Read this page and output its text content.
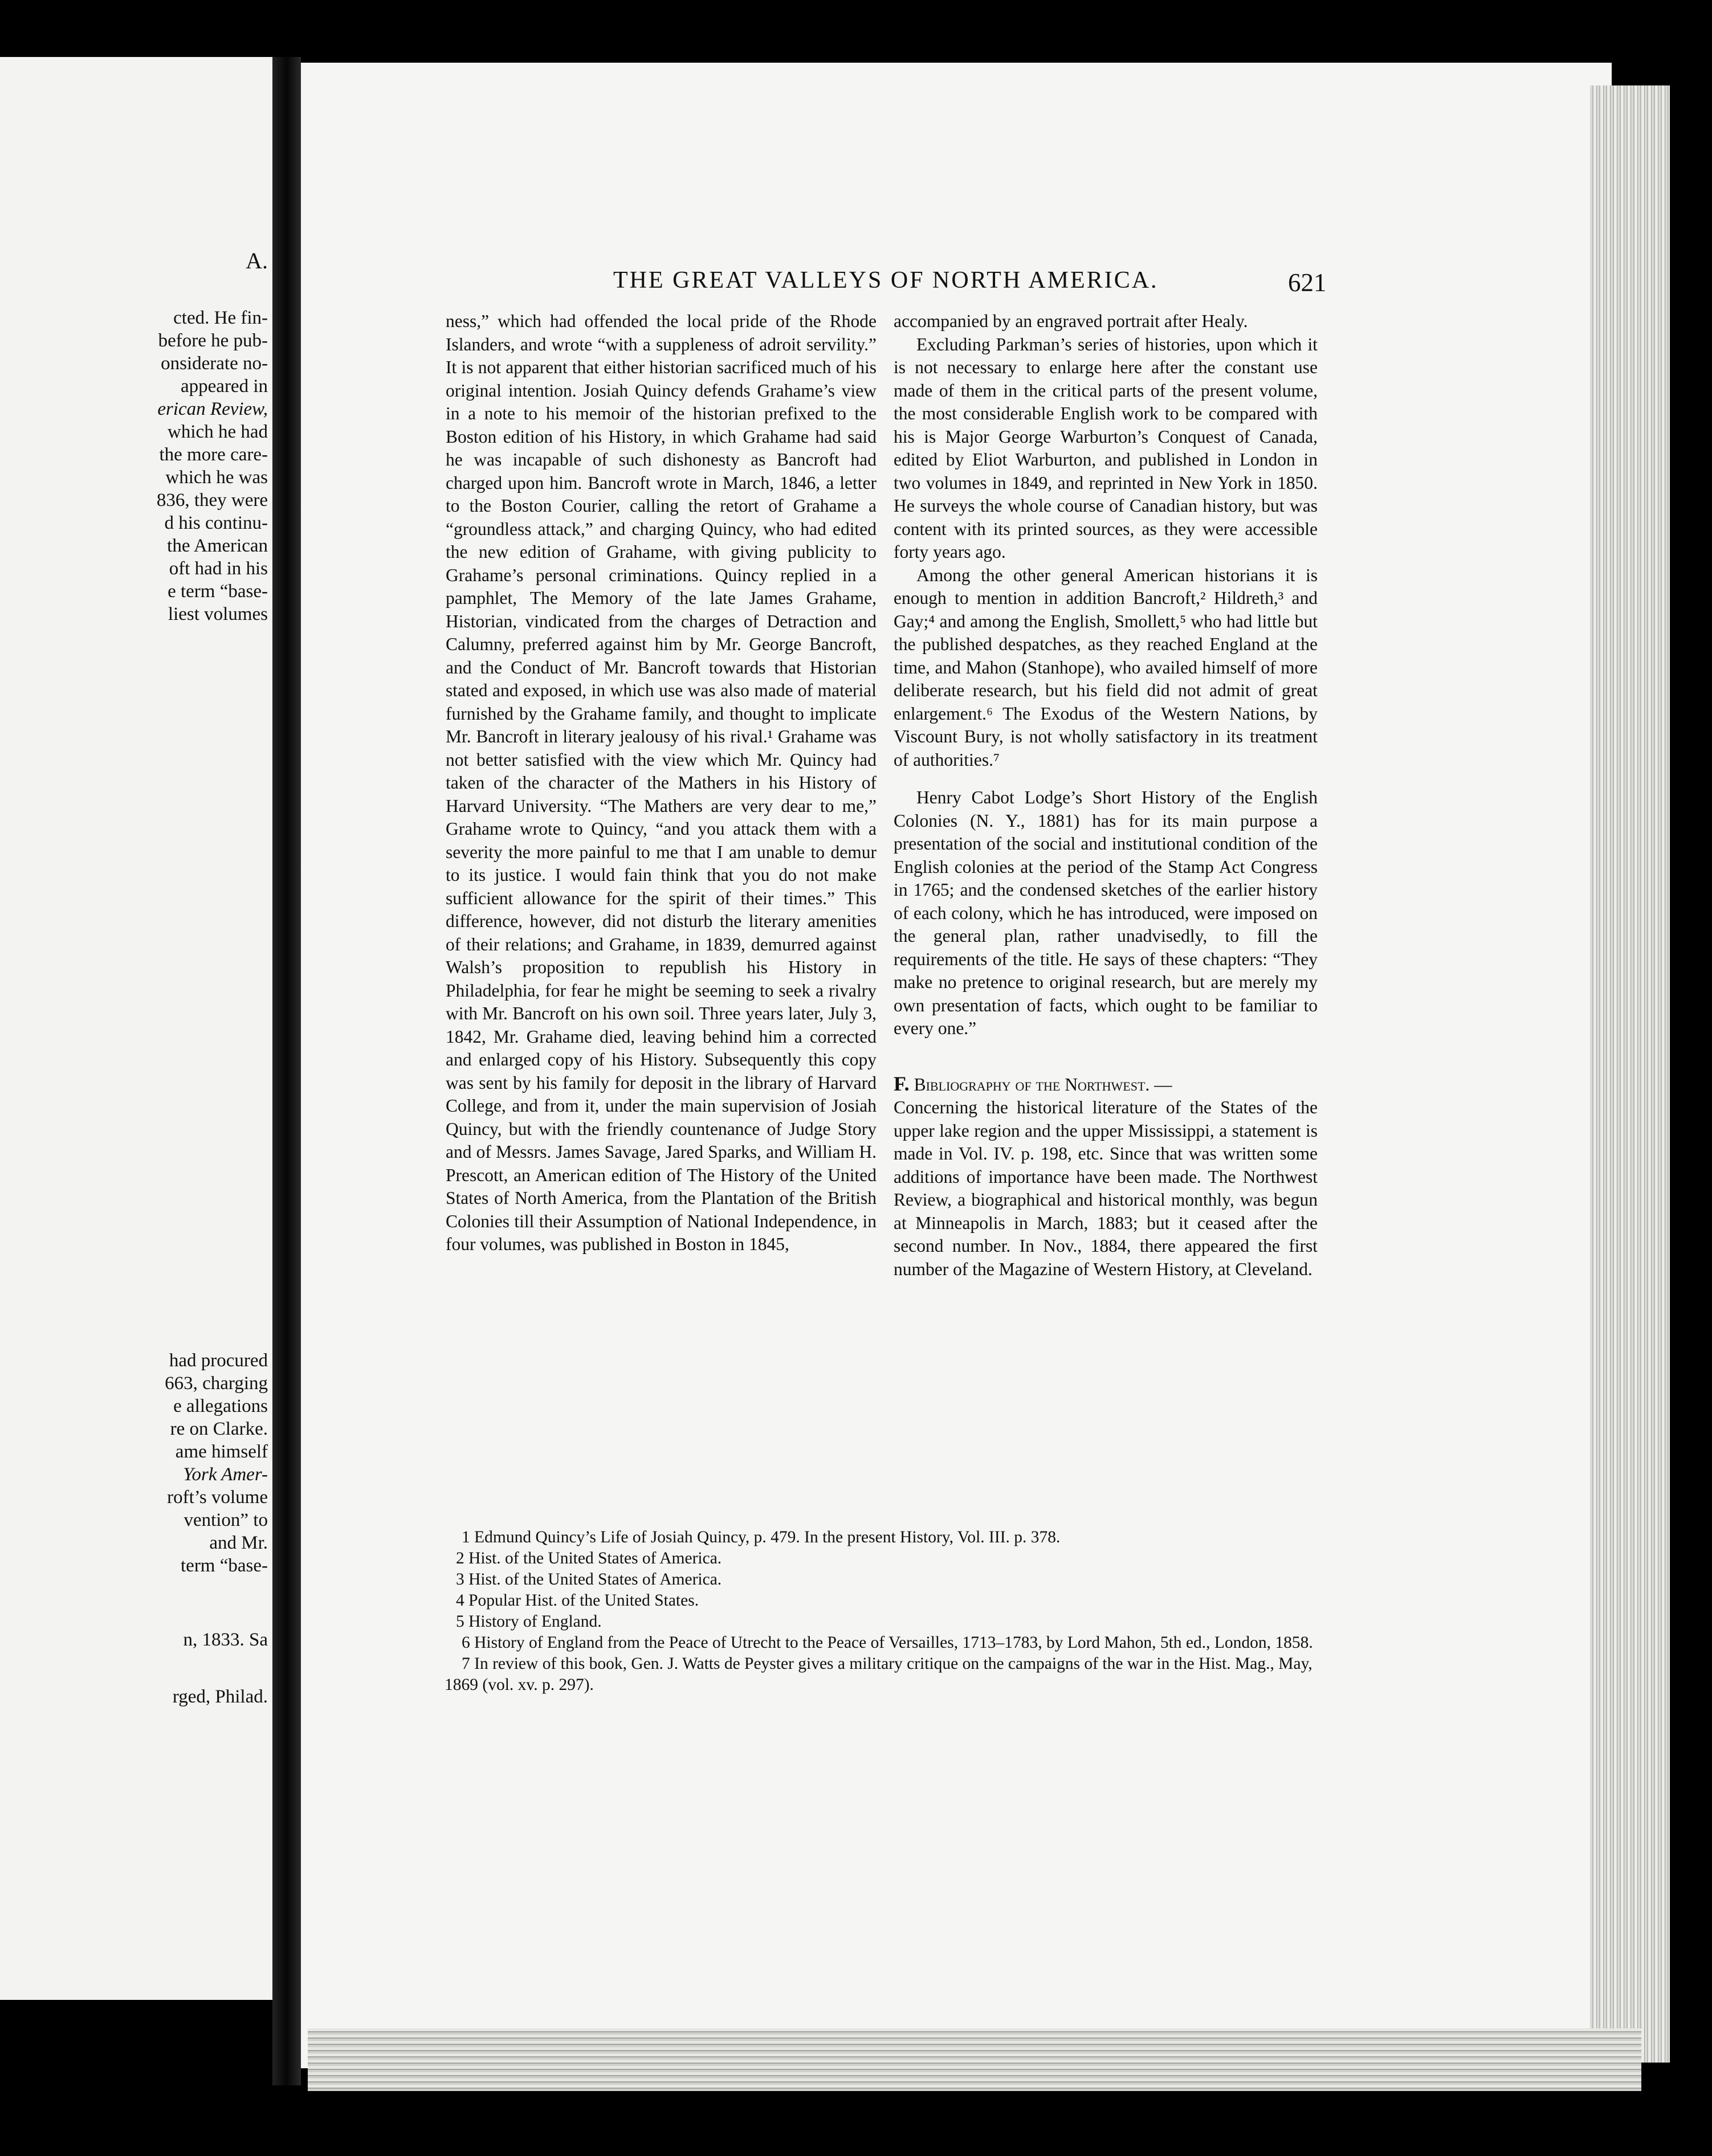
A.

cted. He fin-

before he pub-

onsiderate no-

appeared in

erican Review,

which he had

the more care-

which he was

836, they were

d his continu-

the American

oft had in his

e term “base-

liest volumes

had procured

663, charging

e allegations

re on Clarke.

ame himself

York Amer-

roft’s volume

vention” to

and Mr.

term “base-

n, 1833. Sa

rged, Philad.

THE GREAT VALLEYS OF NORTH AMERICA.	621

ness,” which had offended the local pride of the Rhode Islanders, and wrote “with a suppleness of adroit servility.” It is not apparent that either historian sacrificed much of his original intention. Josiah Quincy defends Grahame’s view in a note to his memoir of the historian prefixed to the Boston edition of his History, in which Grahame had said he was incapable of such dishonesty as Bancroft had charged upon him. Bancroft wrote in March, 1846, a letter to the Boston Courier, calling the retort of Grahame a “groundless attack,” and charging Quincy, who had edited the new edition of Grahame, with giving publicity to Grahame’s personal criminations. Quincy replied in a pamphlet, The Memory of the late James Grahame, Historian, vindicated from the charges of Detraction and Calumny, preferred against him by Mr. George Bancroft, and the Conduct of Mr. Bancroft towards that Historian stated and exposed, in which use was also made of material furnished by the Grahame family, and thought to implicate Mr. Bancroft in literary jealousy of his rival.¹ Grahame was not better satisfied with the view which Mr. Quincy had taken of the character of the Mathers in his History of Harvard University. “The Mathers are very dear to me,” Grahame wrote to Quincy, “and you attack them with a severity the more painful to me that I am unable to demur to its justice. I would fain think that you do not make sufficient allowance for the spirit of their times.” This difference, however, did not disturb the literary amenities of their relations; and Grahame, in 1839, demurred against Walsh’s proposition to republish his History in Philadelphia, for fear he might be seeming to seek a rivalry with Mr. Bancroft on his own soil. Three years later, July 3, 1842, Mr. Grahame died, leaving behind him a corrected and enlarged copy of his History. Subsequently this copy was sent by his family for deposit in the library of Harvard College, and from it, under the main supervision of Josiah Quincy, but with the friendly countenance of Judge Story and of Messrs. James Savage, Jared Sparks, and William H. Prescott, an American edition of The History of the United States of North America, from the Plantation of the British Colonies till their Assumption of National Independence, in four volumes, was published in Boston in 1845,

accompanied by an engraved portrait after Healy.

Excluding Parkman’s series of histories, upon which it is not necessary to enlarge here after the constant use made of them in the critical parts of the present volume, the most considerable English work to be compared with his is Major George Warburton’s Conquest of Canada, edited by Eliot Warburton, and published in London in two volumes in 1849, and reprinted in New York in 1850. He surveys the whole course of Canadian history, but was content with its printed sources, as they were accessible forty years ago.

Among the other general American historians it is enough to mention in addition Bancroft,² Hildreth,³ and Gay;⁴ and among the English, Smollett,⁵ who had little but the published despatches, as they reached England at the time, and Mahon (Stanhope), who availed himself of more deliberate research, but his field did not admit of great enlargement.⁶ The Exodus of the Western Nations, by Viscount Bury, is not wholly satisfactory in its treatment of authorities.⁷

Henry Cabot Lodge’s Short History of the English Colonies (N. Y., 1881) has for its main purpose a presentation of the social and institutional condition of the English colonies at the period of the Stamp Act Congress in 1765; and the condensed sketches of the earlier history of each colony, which he has introduced, were imposed on the general plan, rather unadvisedly, to fill the requirements of the title. He says of these chapters: “They make no pretence to original research, but are merely my own presentation of facts, which ought to be familiar to every one.”

F. Bibliography of the Northwest. —

Concerning the historical literature of the States of the upper lake region and the upper Mississippi, a statement is made in Vol. IV. p. 198, etc. Since that was written some additions of importance have been made. The Northwest Review, a biographical and historical monthly, was begun at Minneapolis in March, 1883; but it ceased after the second number. In Nov., 1884, there appeared the first number of the Magazine of Western History, at Cleveland.

1 Edmund Quincy’s Life of Josiah Quincy, p. 479. In the present History, Vol. III. p. 378.

2 Hist. of the United States of America.

3 Hist. of the United States of America.

4 Popular Hist. of the United States.

5 History of England.

6 History of England from the Peace of Utrecht to the Peace of Versailles, 1713–1783, by Lord Mahon, 5th ed., London, 1858.

7 In review of this book, Gen. J. Watts de Peyster gives a military critique on the campaigns of the war in the Hist. Mag., May, 1869 (vol. xv. p. 297).
